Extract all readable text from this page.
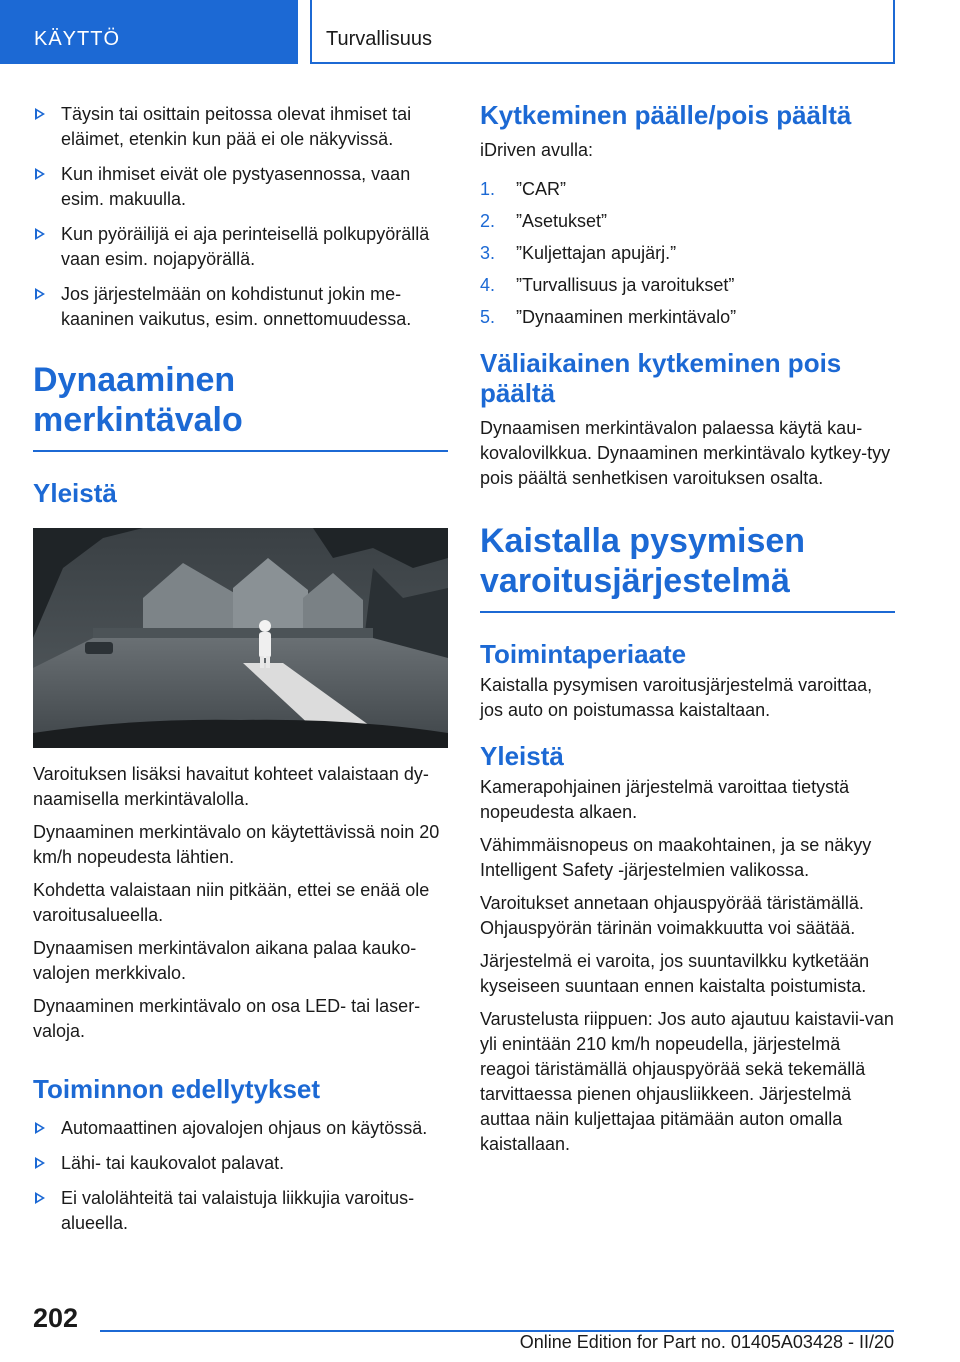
KÄYTTÖ	Turvallisuus
Täysin tai osittain peitossa olevat ihmiset tai eläimet, etenkin kun pää ei ole näkyvissä.
Kun ihmiset eivät ole pystyasennossa, vaan esim. makuulla.
Kun pyöräilijä ei aja perinteisellä polkupyörällä vaan esim. nojapyörällä.
Jos järjestelmään on kohdistunut jokin me‐kaaninen vaikutus, esim. onnettomuudessa.
Dynaaminen merkintävalo
Yleistä

Varoituksen lisäksi havaitut kohteet valaistaan dy‐naamisella merkintävalolla.

Dynaaminen merkintävalo on käytettävissä noin 20 km/h nopeudesta lähtien.

Kohdetta valaistaan niin pitkään, ettei se enää ole varoitusalueella.

Dynaamisen merkintävalon aikana palaa kauko‐valojen merkkivalo.

Dynaaminen merkintävalo on osa LED- tai laser‐valoja.

Toiminnon edellytykset
Automaattinen ajovalojen ohjaus on käytössä.
Lähi- tai kaukovalot palavat.
Ei valolähteitä tai valaistuja liikkujia varoitus‐alueella.
Kytkeminen päälle/pois päältä

iDriven avulla:

1. ”CAR”
2. ”Asetukset”
3. ”Kuljettajan apujärj.”
4. ”Turvallisuus ja varoitukset”
5. ”Dynaaminen merkintävalo”
Väliaikainen kytkeminen pois päältä

Dynaamisen merkintävalon palaessa käytä kau‐kovalovilkkua. Dynaaminen merkintävalo kytkey‐tyy pois päältä senhetkisen varoituksen osalta.

Kaistalla pysymisen varoitusjärjestelmä
Toimintaperiaate

Kaistalla pysymisen varoitusjärjestelmä varoittaa, jos auto on poistumassa kaistaltaan.

Yleistä

Kamerapohjainen järjestelmä varoittaa tietystä nopeudesta alkaen.

Vähimmäisnopeus on maakohtainen, ja se näkyy Intelligent Safety -järjestelmien valikossa.

Varoitukset annetaan ohjauspyörää täristämällä. Ohjauspyörän tärinän voimakkuutta voi säätää.

Järjestelmä ei varoita, jos suuntavilkku kytketään kyseiseen suuntaan ennen kaistalta poistumista.

Varustelusta riippuen: Jos auto ajautuu kaistavii‐van yli enintään 210 km/h nopeudella, järjestelmä reagoi täristämällä ohjauspyörää sekä tekemällä tarvittaessa pienen ohjausliikkeen. Järjestelmä auttaa näin kuljettajaa pitämään auton omalla kaistallaan.

202
Online Edition for Part no. 01405A03428 - II/20
